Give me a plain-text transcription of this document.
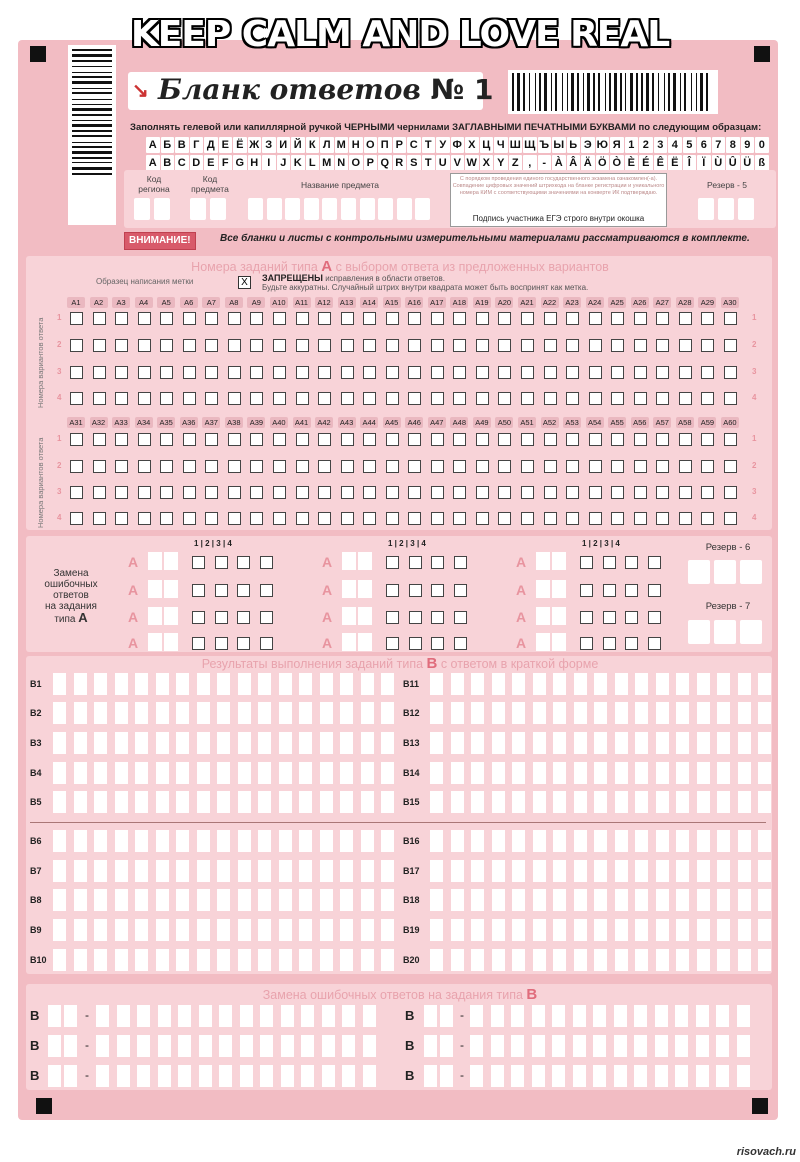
KEEP CALM AND LOVE REAL
↘ Бланк ответов № 1
Заполнять гелевой или капиллярной ручкой ЧЕРНЫМИ чернилами ЗАГЛАВНЫМИ ПЕЧАТНЫМИ БУКВАМИ по следующим образцам:
А Б В Г Д Е Ё Ж З И Й К Л М Н О П Р С Т У Ф Х Ц Ч Ш Щ Ъ Ы Ь Э Ю Я 1 2 3 4 5 6 7 8 9 0
A B C D E F G H I J K L M N O P Q R S T U V W X Y Z ,	- À Â Ä Ö Ò È É Ê Ë Î	Ï Ù Û Ü ß
Код региона
Код предмета	Название предмета
С порядком проведения единого государственного экзамена ознакомлен(-а). Совпадение цифровых значений штрихкода на бланке регистрации и уникального номера КИМ с соответствующими значениями на конверте ИК подтверждаю.
Подпись участника ЕГЭ строго внутри окошка
Резерв - 5
ВНИМАНИЕ!	Все бланки и листы с контрольными измерительными материалами рассматриваются в комплекте.
Номера заданий типа А с выбором ответа из предложенных вариантов
Образец написания метки	X	ЗАПРЕЩЕНЫ исправления в области ответов.
Будьте аккуратны. Случайный штрих внутри квадрата может быть воспринят как метка.
Номера вариантов ответа
Номера вариантов ответа
A1	A2	A3	A4	A5	A6	A7	A8	A9	A10	A11	A12	A13	A14	A15	A16	A17	A18	A19	A20	A21	A22	A23	A24	A25	A26	A27	A28	A29	A30
1	1
2	2
3	3
4	4
A31	A32	A33	A34	A35	A36	A37	A38	A39	A40	A41	A42	A43	A44	A45	A46	A47	A48	A49	A50	A51	A52	A53	A54	A55	A56	A57	A58	A59	A60
1	1
2	2
3	3
4	4
Замена
ошибочных
ответов
на задания
типа А
1 | 2 | 3 | 4
А
А
А
А
1 | 2 | 3 | 4
А
А
А
А
1 | 2 | 3 | 4
А
А
А
А
Резерв - 6
Резерв - 7
Результаты выполнения заданий типа В с ответом в краткой форме
B1	B11
B2	B12
B3	B13
B4	B14
B5	B15
B6	B16
B7	B17
B8	B18
B9	B19
B10	B20
Замена ошибочных ответов на задания типа В
В	-	В	-
В	-	В	-
В	-	В	-
risovach.ru
